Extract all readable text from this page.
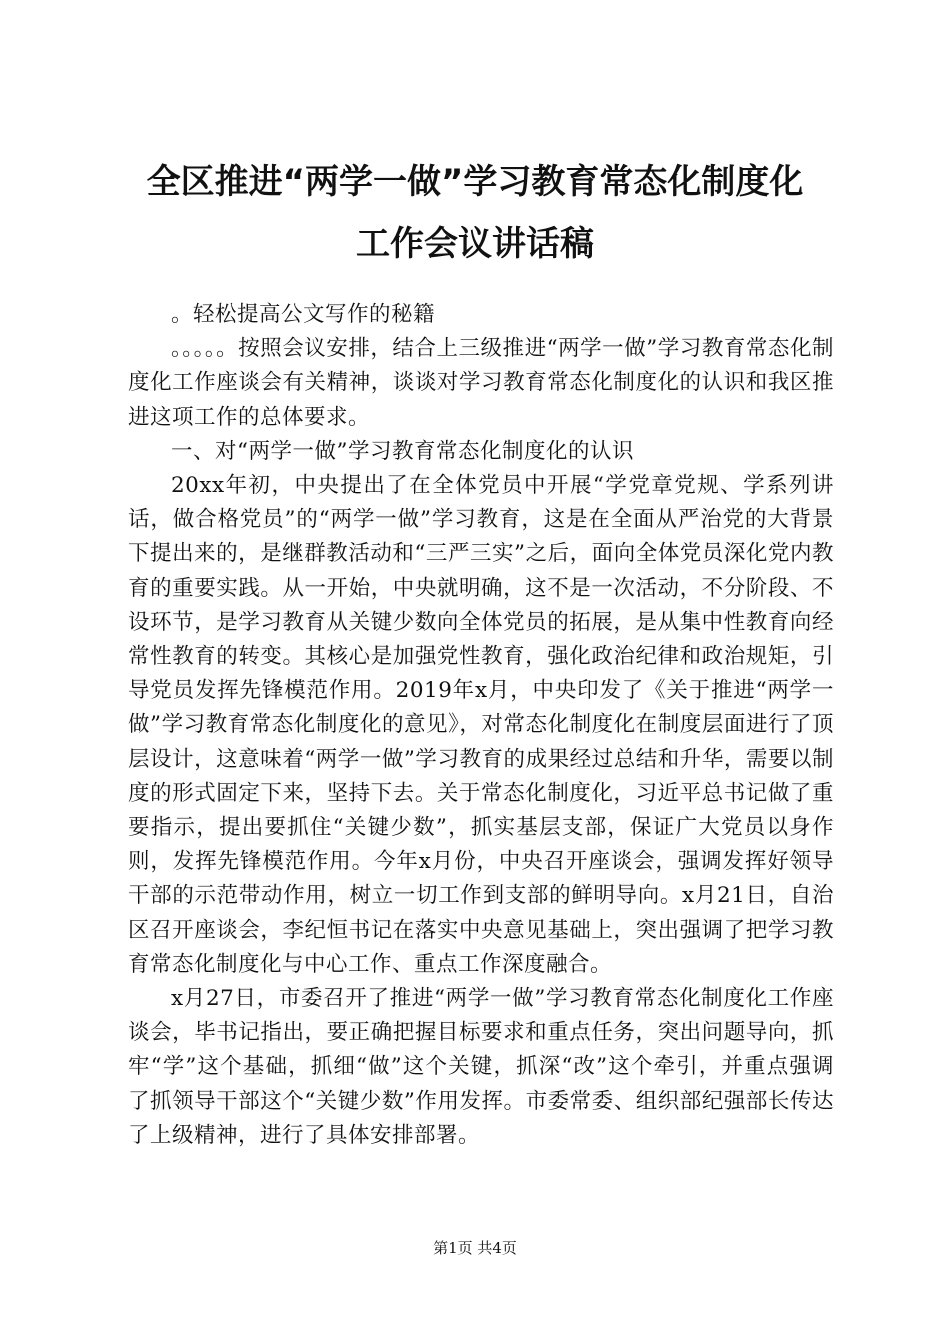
全区推进“两学一做”学习教育常态化制度化
工作会议讲话稿

。轻松提高公文写作的秘籍

。。。。。按照会议安排，结合上三级推进“两学一做”学习教育常态化制度化工作座谈会有关精神，谈谈对学习教育常态化制度化的认识和我区推进这项工作的总体要求。

一、对“两学一做”学习教育常态化制度化的认识

20xx年初，中央提出了在全体党员中开展“学党章党规、学系列讲话，做合格党员”的“两学一做”学习教育，这是在全面从严治党的大背景下提出来的，是继群教活动和“三严三实”之后，面向全体党员深化党内教育的重要实践。从一开始，中央就明确，这不是一次活动，不分阶段、不设环节，是学习教育从关键少数向全体党员的拓展，是从集中性教育向经常性教育的转变。其核心是加强党性教育，强化政治纪律和政治规矩，引导党员发挥先锋模范作用。2019年x月，中央印发了《关于推进“两学一做”学习教育常态化制度化的意见》，对常态化制度化在制度层面进行了顶层设计，这意味着“两学一做”学习教育的成果经过总结和升华，需要以制度的形式固定下来，坚持下去。关于常态化制度化，习近平总书记做了重要指示，提出要抓住“关键少数”，抓实基层支部，保证广大党员以身作则，发挥先锋模范作用。今年x月份，中央召开座谈会，强调发挥好领导干部的示范带动作用，树立一切工作到支部的鲜明导向。x月21日，自治区召开座谈会，李纪恒书记在落实中央意见基础上，突出强调了把学习教育常态化制度化与中心工作、重点工作深度融合。

x月27日，市委召开了推进“两学一做”学习教育常态化制度化工作座谈会，毕书记指出，要正确把握目标要求和重点任务，突出问题导向，抓牢“学”这个基础，抓细“做”这个关键，抓深“改”这个牵引，并重点强调了抓领导干部这个“关键少数”作用发挥。市委常委、组织部纪强部长传达了上级精神，进行了具体安排部署。

第1页 共4页
